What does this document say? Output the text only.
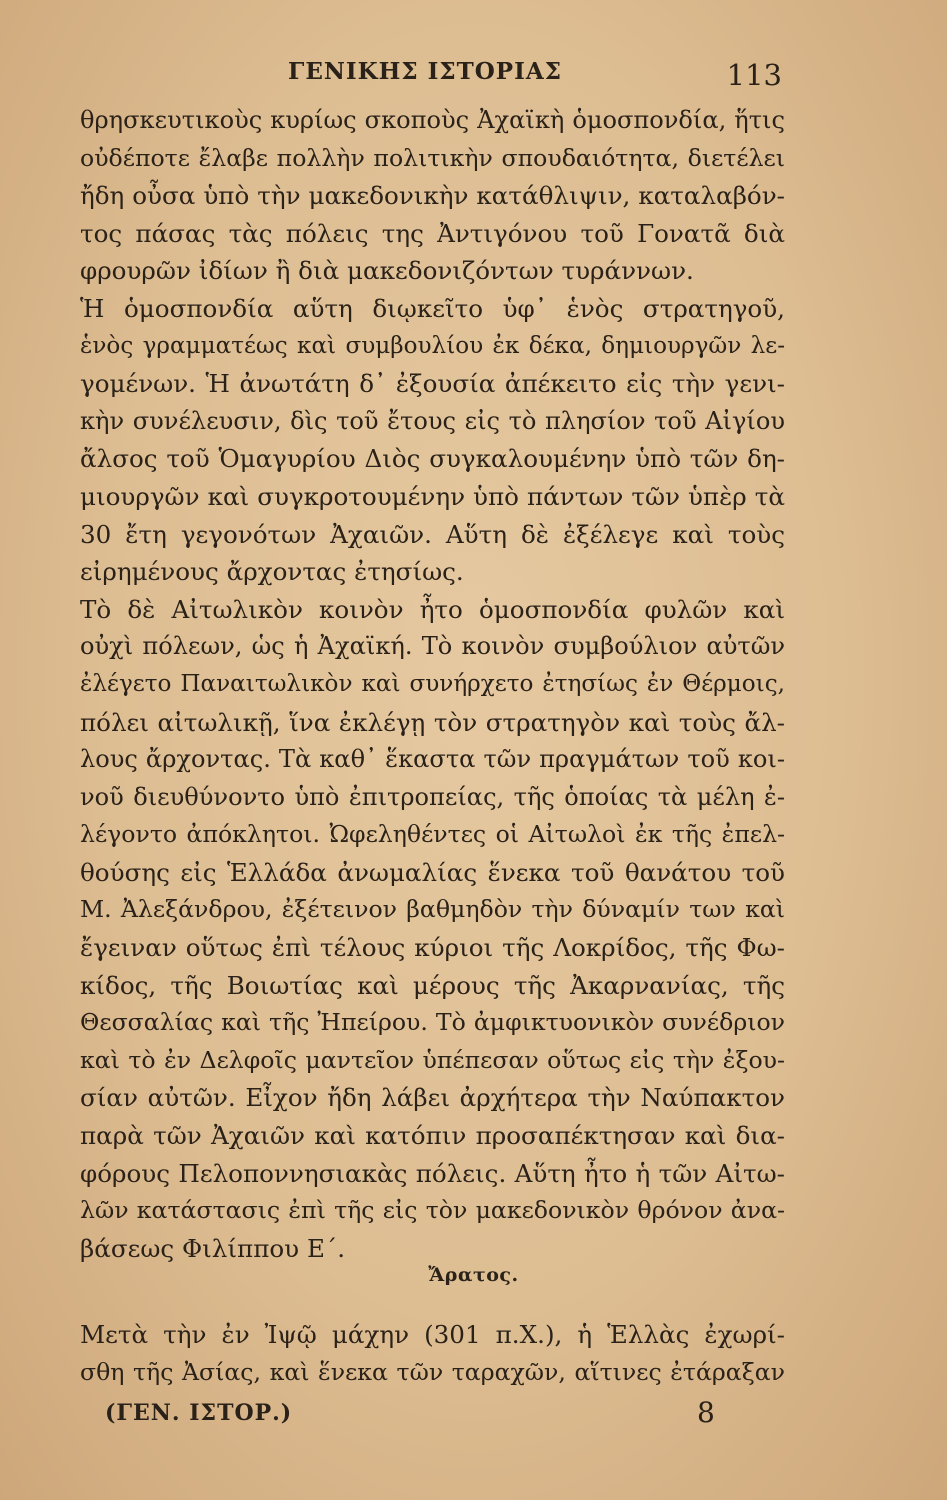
ΓΕΝΙΚΗΣ ΙΣΤΟΡΙΑΣ	113
θρησκευτικοὺς κυρίως σκοποὺς Ἀχαϊκὴ ὁμοσπονδία, ἥτις
οὐδέποτε ἔλαβε πολλὴν πολιτικὴν σπουδαιότητα, διετέλει
ἤδη οὖσα ὑπὸ τὴν μακεδονικὴν κατάθλιψιν, καταλαβόν-
τος πάσας τὰς πόλεις της Ἀντιγόνου τοῦ Γονατᾶ διὰ
φρουρῶν ἰδίων ἢ διὰ μακεδονιζόντων τυράννων.
Ἡ ὁμοσπονδία αὕτη διῳκεῖτο ὑφ᾿ ἑνὸς στρατηγοῦ,
ἑνὸς γραμματέως καὶ συμβουλίου ἐκ δέκα, δημιουργῶν λε-
γομένων. Ἡ ἀνωτάτη δ᾿ ἐξουσία ἀπέκειτο εἰς τὴν γενι-
κὴν συνέλευσιν, δὶς τοῦ ἔτους εἰς τὸ πλησίον τοῦ Αἰγίου
ἄλσος τοῦ Ὁμαγυρίου Διὸς συγκαλουμένην ὑπὸ τῶν δη-
μιουργῶν καὶ συγκροτουμένην ὑπὸ πάντων τῶν ὑπὲρ τὰ
30 ἔτη γεγονότων Ἀχαιῶν. Αὕτη δὲ ἐξέλεγε καὶ τοὺς
εἰρημένους ἄρχοντας ἐτησίως.
Τὸ δὲ Αἰτωλικὸν κοινὸν ἦτο ὁμοσπονδία φυλῶν καὶ
οὐχὶ πόλεων, ὡς ἡ Ἀχαϊκή. Τὸ κοινὸν συμβούλιον αὐτῶν
ἐλέγετο Παναιτωλικὸν καὶ συνήρχετο ἐτησίως ἐν Θέρμοις,
πόλει αἰτωλικῇ, ἵνα ἐκλέγῃ τὸν στρατηγὸν καὶ τοὺς ἄλ-
λους ἄρχοντας. Τὰ καθ᾿ ἕκαστα τῶν πραγμάτων τοῦ κοι-
νοῦ διευθύνοντο ὑπὸ ἐπιτροπείας, τῆς ὁποίας τὰ μέλη ἐ-
λέγοντο ἀπόκλητοι. Ὠφεληθέντες οἱ Αἰτωλοὶ ἐκ τῆς ἐπελ-
θούσης εἰς Ἑλλάδα ἀνωμαλίας ἕνεκα τοῦ θανάτου τοῦ
Μ. Ἀλεξάνδρου, ἐξέτεινον βαθμηδὸν τὴν δύναμίν των καὶ
ἔγειναν οὕτως ἐπὶ τέλους κύριοι τῆς Λοκρίδος, τῆς Φω-
κίδος, τῆς Βοιωτίας καὶ μέρους τῆς Ἀκαρνανίας, τῆς
Θεσσαλίας καὶ τῆς Ἠπείρου. Τὸ ἀμφικτυονικὸν συνέδριον
καὶ τὸ ἐν Δελφοῖς μαντεῖον ὑπέπεσαν οὕτως εἰς τὴν ἐξου-
σίαν αὐτῶν. Εἶχον ἤδη λάβει ἀρχήτερα τὴν Ναύπακτον
παρὰ τῶν Ἀχαιῶν καὶ κατόπιν προσαπέκτησαν καὶ δια-
φόρους Πελοποννησιακὰς πόλεις. Αὕτη ἦτο ἡ τῶν Αἰτω-
λῶν κατάστασις ἐπὶ τῆς εἰς τὸν μακεδονικὸν θρόνον ἀνα-
βάσεως Φιλίππου Ε΄.
Ἄρατος.
Μετὰ τὴν ἐν Ἰψῷ μάχην (301 π.Χ.), ἡ Ἑλλὰς ἐχωρί-
σθη τῆς Ἀσίας, καὶ ἕνεκα τῶν ταραχῶν, αἵτινες ἐτάραξαν
(ΓΕΝ. ΙΣΤΟΡ.)	8
